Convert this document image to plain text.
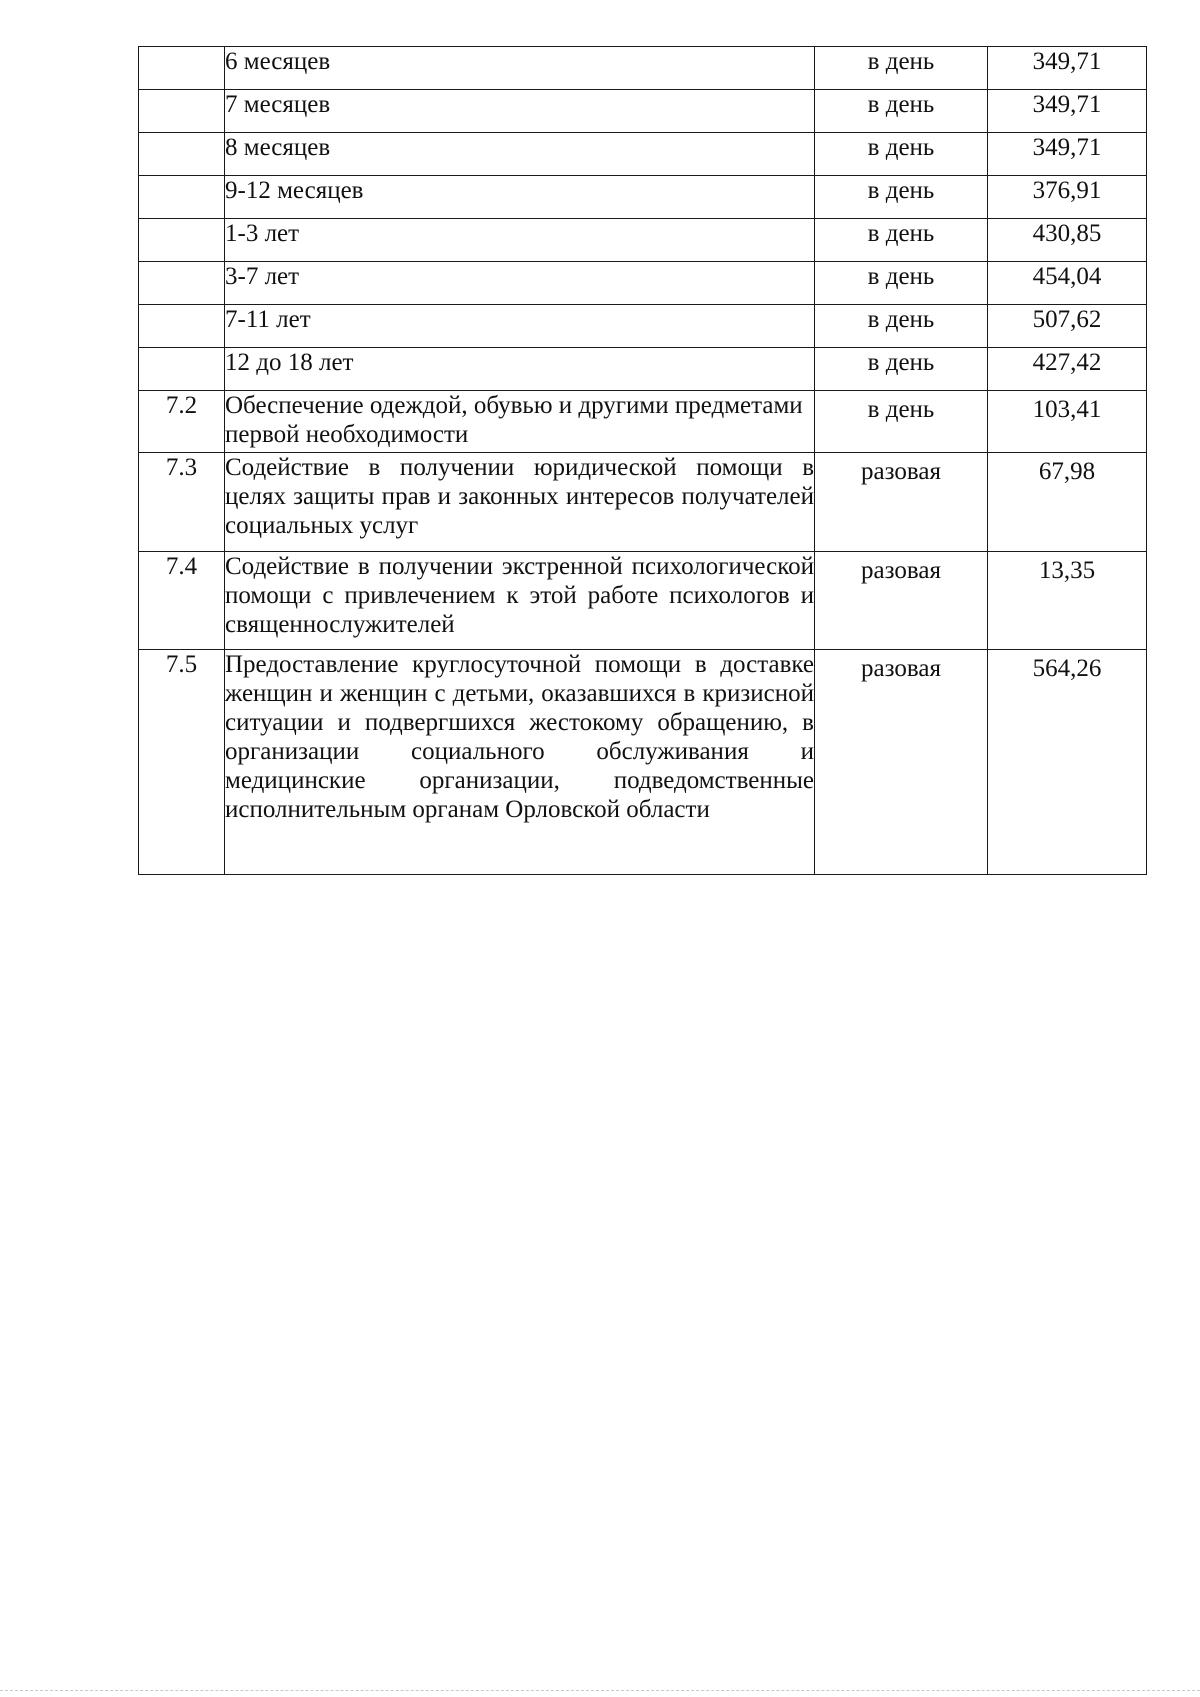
	6 месяцев	в день	349,71
	7 месяцев	в день	349,71
	8 месяцев	в день	349,71
	9-12 месяцев	в день	376,91
	1-3 лет	в день	430,85
	3-7 лет	в день	454,04
	7-11 лет	в день	507,62
	12 до 18 лет	в день	427,42
7.2	Обеспечение одеждой, обувью и другими предметами первой необходимости	в день	103,41
7.3	Содействие в получении юридической помощи в целях защиты прав и законных интересов получателей социальных услуг	разовая	67,98
7.4	Содействие в получении экстренной психологической помощи с привлечением к этой работе психологов и священнослужителей	разовая	13,35
7.5	Предоставление круглосуточной помощи в доставке женщин и женщин с детьми, оказавшихся в кризисной ситуации и подвергшихся жестокому обращению, в организации социального обслуживания и медицинские организации, подведомственные исполнительным органам Орловской области	разовая	564,26
